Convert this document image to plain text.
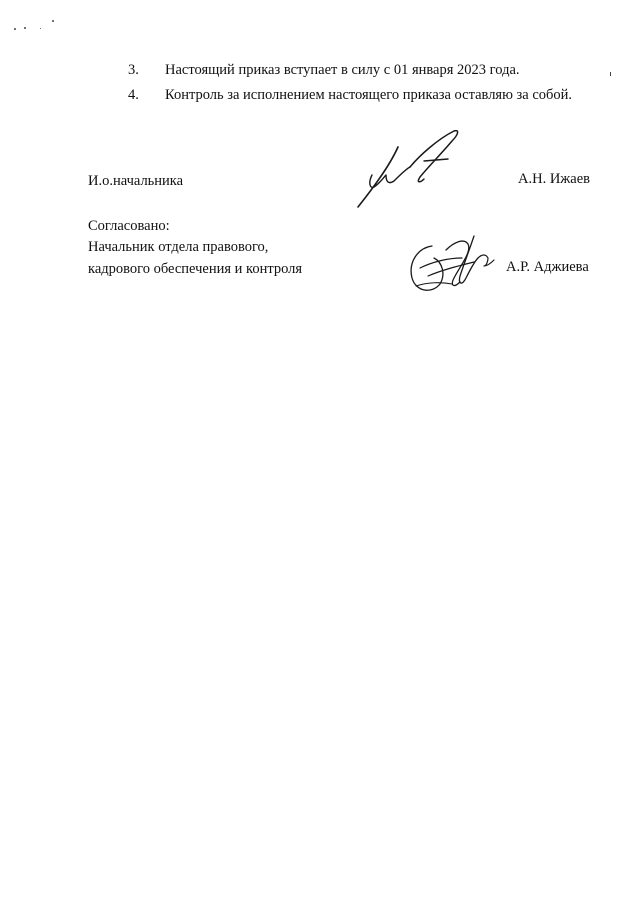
3. Настоящий приказ вступает в силу с 01 января 2023 года.
4. Контроль за исполнением настоящего приказа оставляю за собой.
И.о.начальника	А.Н. Ижаев
Согласовано:
Начальник отдела правового,
кадрового обеспечения и контроля	А.Р. Аджиева
